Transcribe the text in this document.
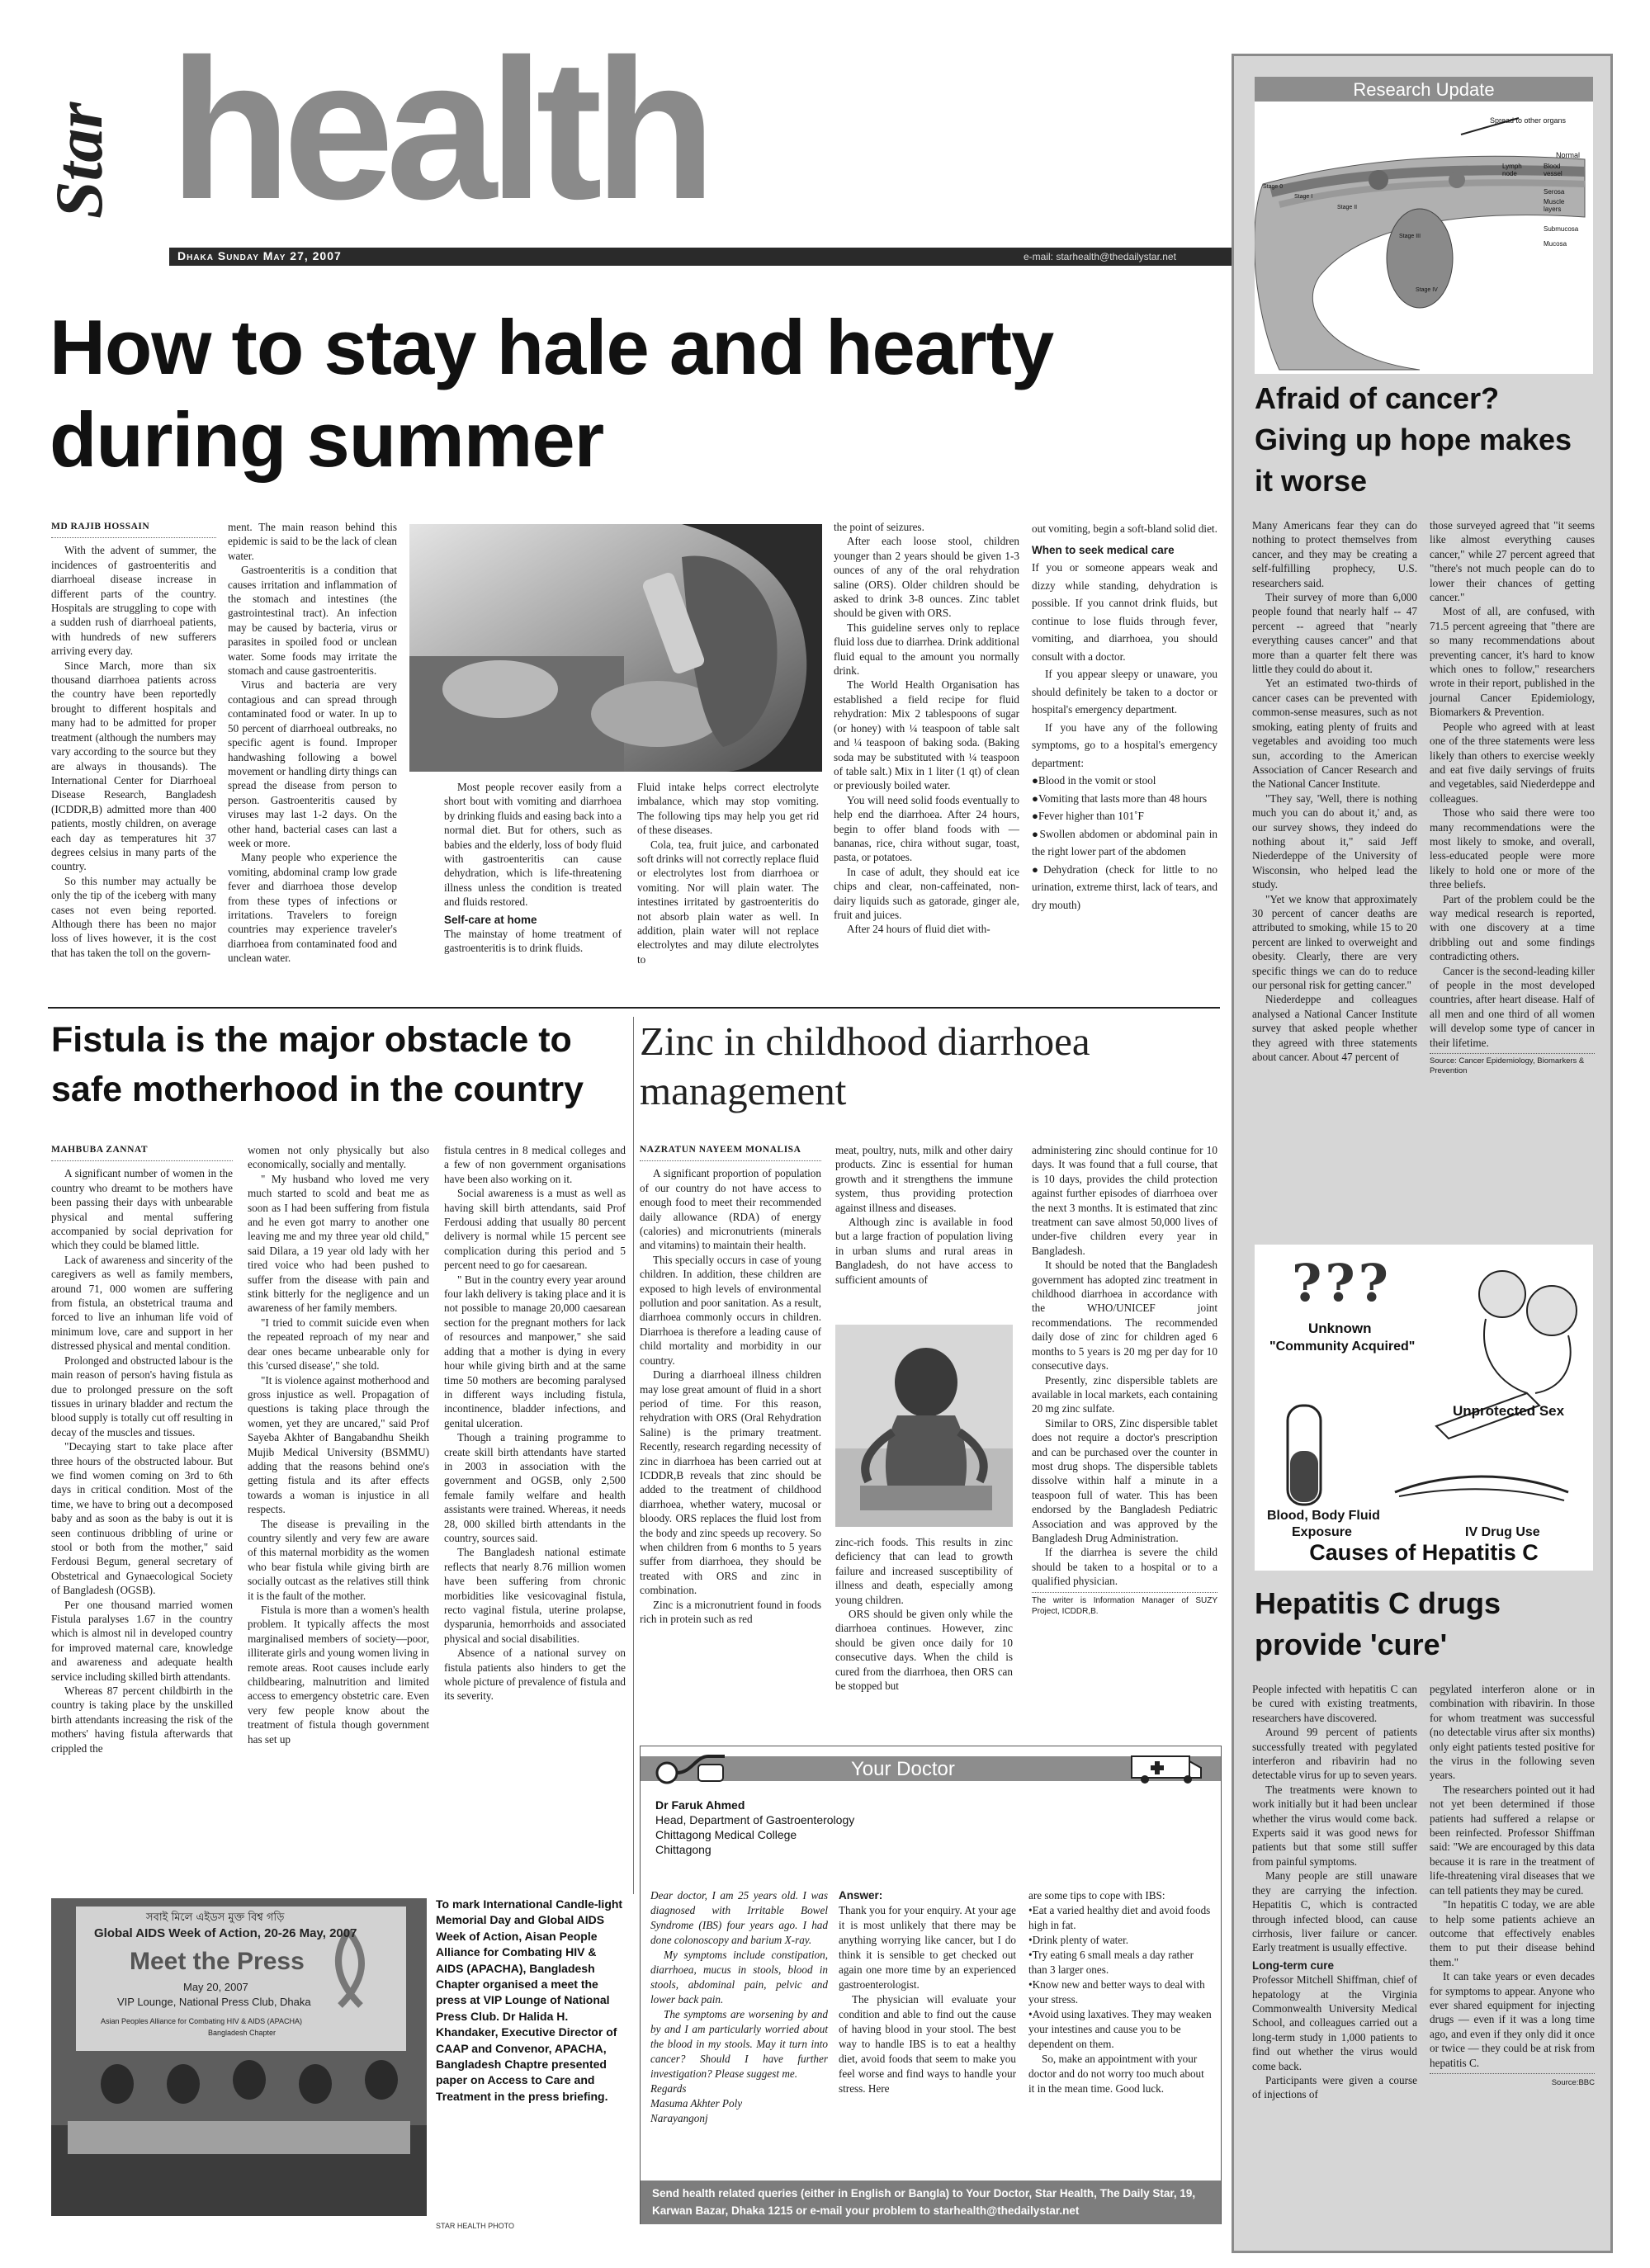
Star health
Dhaka Sunday May 27, 2007	e-mail: starhealth@thedailystar.net
How to stay hale and hearty
during summer
MD RAJIB HOSSAIN

With the advent of summer, the incidences of gastroenteritis and diarrhoeal disease increase in different parts of the country. Hospitals are struggling to cope with a sudden rush of diarrhoeal patients, with hundreds of new sufferers arriving every day.

Since March, more than six thousand diarrhoea patients across the country have been reportedly brought to different hospitals and many had to be admitted for proper treatment (although the numbers may vary according to the source but they are always in thousands). The International Center for Diarrhoeal Disease Research, Bangladesh (ICDDR,B) admitted more than 400 patients, mostly children, on average each day as temperatures hit 37 degrees celsius in many parts of the country.

So this number may actually be only the tip of the iceberg with many cases not even being reported. Although there has been no major loss of lives however, it is the cost that has taken the toll on the govern-

ment. The main reason behind this epidemic is said to be the lack of clean water.

Gastroenteritis is a condition that causes irritation and inflammation of the stomach and intestines (the gastrointestinal tract). An infection may be caused by bacteria, virus or parasites in spoiled food or unclean water. Some foods may irritate the stomach and cause gastroenteritis.

Virus and bacteria are very contagious and can spread through contaminated food or water. In up to 50 percent of diarrhoeal outbreaks, no specific agent is found. Improper handwashing following a bowel movement or handling dirty things can spread the disease from person to person. Gastroenteritis caused by viruses may last 1-2 days. On the other hand, bacterial cases can last a week or more.

Many people who experience the vomiting, abdominal cramp low grade fever and diarrhoea those develop from these types of infections or irritations. Travelers to foreign countries may experience traveler's diarrhoea from contaminated food and unclean water.

Most people recover easily from a short bout with vomiting and diarrhoea by drinking fluids and easing back into a normal diet. But for others, such as babies and the elderly, loss of body fluid with gastroenteritis can cause dehydration, which is life-threatening illness unless the condition is treated and fluids restored.

Self-care at home

The mainstay of home treatment of gastroenteritis is to drink fluids.

Fluid intake helps correct electrolyte imbalance, which may stop vomiting. The following tips may help you get rid of these diseases.

Cola, tea, fruit juice, and carbonated soft drinks will not correctly replace fluid or electrolytes lost from diarrhoea or vomiting. Nor will plain water. The intestines irritated by gastroenteritis do not absorb plain water as well. In addition, plain water will not replace electrolytes and may dilute electrolytes to

the point of seizures.

After each loose stool, children younger than 2 years should be given 1-3 ounces of any of the oral rehydration saline (ORS). Older children should be asked to drink 3-8 ounces. Zinc tablet should be given with ORS.

This guideline serves only to replace fluid loss due to diarrhea. Drink additional fluid equal to the amount you normally drink.

The World Health Organisation has established a field recipe for fluid rehydration: Mix 2 tablespoons of sugar (or honey) with ¼ teaspoon of table salt and ¼ teaspoon of baking soda. (Baking soda may be substituted with ¼ teaspoon of table salt.) Mix in 1 liter (1 qt) of clean or previously boiled water.

You will need solid foods eventually to help end the diarrhoea. After 24 hours, begin to offer bland foods with — bananas, rice, chira without sugar, toast, pasta, or potatoes.

In case of adult, they should eat ice chips and clear, non-caffeinated, non-dairy liquids such as gatorade, ginger ale, fruit and juices.

After 24 hours of fluid diet with-

out vomiting, begin a soft-bland solid diet.

When to seek medical care

If you or someone appears weak and dizzy while standing, dehydration is possible. If you cannot drink fluids, but continue to lose fluids through fever, vomiting, and diarrhoea, you should consult with a doctor.

If you appear sleepy or unaware, you should definitely be taken to a doctor or hospital's emergency department.

If you have any of the following symptoms, go to a hospital's emergency department:

●Blood in the vomit or stool

●Vomiting that lasts more than 48 hours

●Fever higher than 101˚F

●Swollen abdomen or abdominal pain in the right lower part of the abdomen

●Dehydration (check for little to no urination, extreme thirst, lack of tears, and dry mouth)

Fistula is the major obstacle to safe motherhood in the country
MAHBUBA ZANNAT

A significant number of women in the country who dreamt to be mothers have been passing their days with unbearable physical and mental suffering accompanied by social deprivation for which they could be blamed little.

Lack of awareness and sincerity of the caregivers as well as family members, around 71, 000 women are suffering from fistula, an obstetrical trauma and forced to live an inhuman life void of minimum love, care and support in her distressed physical and mental condition.

Prolonged and obstructed labour is the main reason of person's having fistula as due to prolonged pressure on the soft tissues in urinary bladder and rectum the blood supply is totally cut off resulting in decay of the muscles and tissues.

"Decaying start to take place after three hours of the obstructed labour. But we find women coming on 3rd to 6th days in critical condition. Most of the time, we have to bring out a decomposed baby and as soon as the baby is out it is seen continuous dribbling of urine or stool or both from the mother," said Ferdousi Begum, general secretary of Obstetrical and Gynaecological Society of Bangladesh (OGSB).

Per one thousand married women Fistula paralyses 1.67 in the country which is almost nil in developed country for improved maternal care, knowledge and awareness and adequate health service including skilled birth attendants.

Whereas 87 percent childbirth in the country is taking place by the unskilled birth attendants increasing the risk of the mothers' having fistula afterwards that crippled the

women not only physically but also economically, socially and mentally.

" My husband who loved me very much started to scold and beat me as soon as I had been suffering from fistula and he even got marry to another one leaving me and my three year old child," said Dilara, a 19 year old lady with her tired voice who had been pushed to suffer from the disease with pain and stink bitterly for the negligence and un awareness of her family members.

"I tried to commit suicide even when the repeated reproach of my near and dear ones became unbearable only for this 'cursed disease'," she told.

"It is violence against motherhood and gross injustice as well. Propagation of questions is taking place through the women, yet they are uncared," said Prof Sayeba Akhter of Bangabandhu Sheikh Mujib Medical University (BSMMU) adding that the reasons behind one's getting fistula and its after effects towards a woman is injustice in all respects.

The disease is prevailing in the country silently and very few are aware of this maternal morbidity as the women who bear fistula while giving birth are socially outcast as the relatives still think it is the fault of the mother.

Fistula is more than a women's health problem. It typically affects the most marginalised members of society—poor, illiterate girls and young women living in remote areas. Root causes include early childbearing, malnutrition and limited access to emergency obstetric care. Even very few people know about the treatment of fistula though government has set up

fistula centres in 8 medical colleges and a few of non government organisations have been also working on it.

Social awareness is a must as well as having skill birth attendants, said Prof Ferdousi adding that usually 80 percent delivery is normal while 15 percent see complication during this period and 5 percent need to go for caesarean.

" But in the country every year around four lakh delivery is taking place and it is not possible to manage 20,000 caesarean section for the pregnant mothers for lack of resources and manpower," she said adding that a mother is dying in every hour while giving birth and at the same time 50 mothers are becoming paralysed in different ways including fistula, incontinence, bladder infections, and genital ulceration.

Though a training programme to create skill birth attendants have started in 2003 in association with the government and OGSB, only 2,500 female family welfare and health assistants were trained. Whereas, it needs 28, 000 skilled birth attendants in the country, sources said.

The Bangladesh national estimate reflects that nearly 8.76 million women have been suffering from chronic morbidities like vesicovaginal fistula, recto vaginal fistula, uterine prolapse, dysparunia, hemorrhoids and associated physical and social disabilities.

Absence of a national survey on fistula patients also hinders to get the whole picture of prevalence of fistula and its severity.

Zinc in childhood diarrhoea management
NAZRATUN NAYEEM MONALISA

A significant proportion of population of our country do not have access to enough food to meet their recommended daily allowance (RDA) of energy (calories) and micronutrients (minerals and vitamins) to maintain their health.

This specially occurs in case of young children. In addition, these children are exposed to high levels of environmental pollution and poor sanitation. As a result, diarrhoea commonly occurs in children. Diarrhoea is therefore a leading cause of child mortality and morbidity in our country.

During a diarrhoeal illness children may lose great amount of fluid in a short period of time. For this reason, rehydration with ORS (Oral Rehydration Saline) is the primary treatment. Recently, research regarding necessity of zinc in diarrhoea has been carried out at ICDDR,B reveals that zinc should be added to the treatment of childhood diarrhoea, whether watery, mucosal or bloody. ORS replaces the fluid lost from the body and zinc speeds up recovery. So when children from 6 months to 5 years suffer from diarrhoea, they should be treated with ORS and zinc in combination.

Zinc is a micronutrient found in foods rich in protein such as red

meat, poultry, nuts, milk and other dairy products. Zinc is essential for human growth and it strengthens the immune system, thus providing protection against illness and diseases.

Although zinc is available in food but a large fraction of population living in urban slums and rural areas in Bangladesh, do not have access to sufficient amounts of

zinc-rich foods. This results in zinc deficiency that can lead to growth failure and increased susceptibility of illness and death, especially among young children.

ORS should be given only while the diarrhoea continues. However, zinc should be given once daily for 10 consecutive days. When the child is cured from the diarrhoea, then ORS can be stopped but

administering zinc should continue for 10 days. It was found that a full course, that is 10 days, provides the child protection against further episodes of diarrhoea over the next 3 months. It is estimated that zinc treatment can save almost 50,000 lives of under-five children every year in Bangladesh.

It should be noted that the Bangladesh government has adopted zinc treatment in childhood diarrhoea in accordance with the WHO/UNICEF joint recommendations. The recommended daily dose of zinc for children aged 6 months to 5 years is 20 mg per day for 10 consecutive days.

Presently, zinc dispersible tablets are available in local markets, each containing 20 mg zinc sulfate.

Similar to ORS, Zinc dispersible tablet does not require a doctor's prescription and can be purchased over the counter in most drug shops. The dispersible tablets dissolve within half a minute in a teaspoon full of water. This has been endorsed by the Bangladesh Pediatric Association and was approved by the Bangladesh Drug Administration.

If the diarrhea is severe the child should be taken to a hospital or to a qualified physician.

The writer is Information Manager of SUZY Project, ICDDR,B.
সবাই মিলে এইডস মুক্ত বিশ্ব গড়ি
Global AIDS Week of Action, 20-26 May, 2007
Meet the Press
May 20, 2007
VIP Lounge, National Press Club, Dhaka
Asian Peoples Alliance for Combating HIV & AIDS (APACHA)
Bangladesh Chapter
To mark International Candle-light Memorial Day and Global AIDS Week of Action, Aisan People Alliance for Combating HIV & AIDS (APACHA), Bangladesh Chapter organised a meet the press at VIP Lounge of National Press Club. Dr Halida H. Khandaker, Executive Director of CAAP and Convenor, APACHA, Bangladesh Chaptre presented paper on Access to Care and Treatment in the press briefing.
STAR HEALTH PHOTO
Your Doctor
Dr Faruk Ahmed
Head, Department of Gastroenterology
Chittagong Medical College
Chittagong

Dear doctor, I am 25 years old. I was diagnosed with Irritable Bowel Syndrome (IBS) four years ago. I had done colonoscopy and barium X-ray.

My symptoms include constipation, diarrhoea, mucus in stools, blood in stools, abdominal pain, pelvic and lower back pain.

The symptoms are worsening by and by and I am particularly worried about the blood in my stools. May it turn into cancer? Should I have further investigation? Please suggest me.

Regards

Masuma Akhter Poly

Narayangonj

Answer:

Thank you for your enquiry. At your age it is most unlikely that there may be anything worrying like cancer, but I do think it is sensible to get checked out again one more time by an experienced gastroenterologist.

The physician will evaluate your condition and able to find out the cause of having blood in your stool. The best way to handle IBS is to eat a healthy diet, avoid foods that seem to make you feel worse and find ways to handle your stress. Here

are some tips to cope with IBS:

•Eat a varied healthy diet and avoid foods high in fat.

•Drink plenty of water.

•Try eating 6 small meals a day rather than 3 larger ones.

•Know new and better ways to deal with your stress.

•Avoid using laxatives. They may weaken your intestines and cause you to be dependent on them.

So, make an appointment with your doctor and do not worry too much about it in the mean time. Good luck.

Send health related queries (either in English or Bangla) to Your Doctor, Star Health, The Daily Star, 19, Karwan Bazar, Dhaka 1215 or e-mail your problem to starhealth@thedailystar.net
Research Update
Spread to other organs
Normal
Lymph node
Blood vessel
Serosa
Muscle layers
Submucosa
Mucosa
Stage 0
Stage I
Stage II
Stage III
Stage IV
Afraid of cancer? Giving up hope makes it worse

Many Americans fear they can do nothing to protect themselves from cancer, and they may be creating a self-fulfilling prophecy, U.S. researchers said.

Their survey of more than 6,000 people found that nearly half -- 47 percent -- agreed that "nearly everything causes cancer" and that more than a quarter felt there was little they could do about it.

Yet an estimated two-thirds of cancer cases can be prevented with common-sense measures, such as not smoking, eating plenty of fruits and vegetables and avoiding too much sun, according to the American Association of Cancer Research and the National Cancer Institute.

"They say, 'Well, there is nothing much you can do about it,' and, as our survey shows, they indeed do nothing about it," said Jeff Niederdeppe of the University of Wisconsin, who helped lead the study.

"Yet we know that approximately 30 percent of cancer deaths are attributed to smoking, while 15 to 20 percent are linked to overweight and obesity. Clearly, there are very specific things we can do to reduce our personal risk for getting cancer."

Niederdeppe and colleagues analysed a National Cancer Institute survey that asked people whether they agreed with three statements about cancer. About 47 percent of

those surveyed agreed that "it seems like almost everything causes cancer," while 27 percent agreed that "there's not much people can do to lower their chances of getting cancer."

Most of all, are confused, with 71.5 percent agreeing that "there are so many recommendations about preventing cancer, it's hard to know which ones to follow," researchers wrote in their report, published in the journal Cancer Epidemiology, Biomarkers & Prevention.

People who agreed with at least one of the three statements were less likely than others to exercise weekly and eat five daily servings of fruits and vegetables, said Niederdeppe and colleagues.

Those who said there were too many recommendations were the most likely to smoke, and overall, less-educated people were more likely to hold one or more of the three beliefs.

Part of the problem could be the way medical research is reported, with one discovery at a time dribbling out and some findings contradicting others.

Cancer is the second-leading killer of people in the most developed countries, after heart disease. Half of all men and one third of all women will develop some type of cancer in their lifetime.

Source: Cancer Epidemiology, Biomarkers & Prevention
???
Unknown
"Community Acquired"
Unprotected Sex
Blood, Body Fluid
Exposure	IV Drug Use
Causes of Hepatitis C
Hepatitis C drugs provide 'cure'

People infected with hepatitis C can be cured with existing treatments, researchers have discovered.

Around 99 percent of patients successfully treated with pegylated interferon and ribavirin had no detectable virus for up to seven years.

The treatments were known to work initially but it had been unclear whether the virus would come back. Experts said it was good news for patients but that some still suffer from painful symptoms.

Many people are still unaware they are carrying the infection. Hepatitis C, which is contracted through infected blood, can cause cirrhosis, liver failure or cancer. Early treatment is usually effective.

Long-term cure

Professor Mitchell Shiffman, chief of hepatology at the Virginia Commonwealth University Medical School, and colleagues carried out a long-term study in 1,000 patients to find out whether the virus would come back.

Participants were given a course of injections of

pegylated interferon alone or in combination with ribavirin. In those for whom treatment was successful (no detectable virus after six months) only eight patients tested positive for the virus in the following seven years.

The researchers pointed out it had not yet been determined if those patients had suffered a relapse or been reinfected. Professor Shiffman said: "We are encouraged by this data because it is rare in the treatment of life-threatening viral diseases that we can tell patients they may be cured.

"In hepatitis C today, we are able to help some patients achieve an outcome that effectively enables them to put their disease behind them."

It can take years or even decades for symptoms to appear. Anyone who ever shared equipment for injecting drugs — even if it was a long time ago, and even if they only did it once or twice — they could be at risk from hepatitis C.

Source:BBC
